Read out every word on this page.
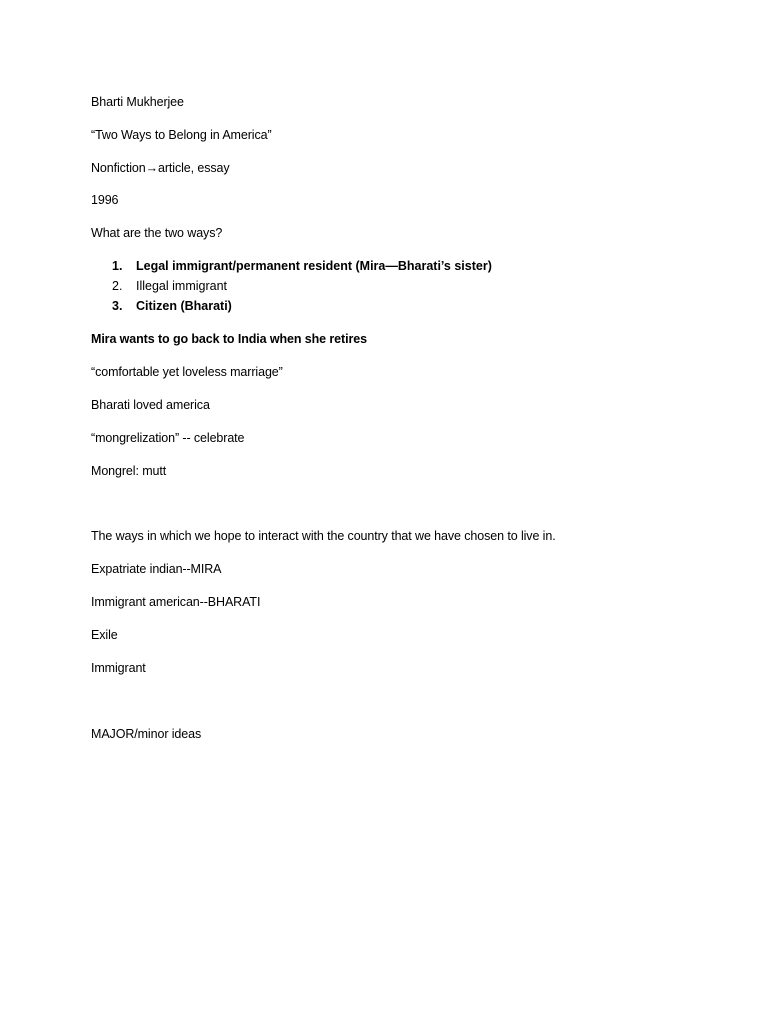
Bharti Mukherjee
“Two Ways to Belong in America”
Nonfiction→article, essay
1996
What are the two ways?
1. Legal immigrant/permanent resident (Mira—Bharati’s sister)
2. Illegal immigrant
3. Citizen (Bharati)
Mira wants to go back to India when she retires
“comfortable yet loveless marriage”
Bharati loved america
“mongrelization” -- celebrate
Mongrel: mutt
The ways in which we hope to interact with the country that we have chosen to live in.
Expatriate indian--MIRA
Immigrant american--BHARATI
Exile
Immigrant
MAJOR/minor ideas
